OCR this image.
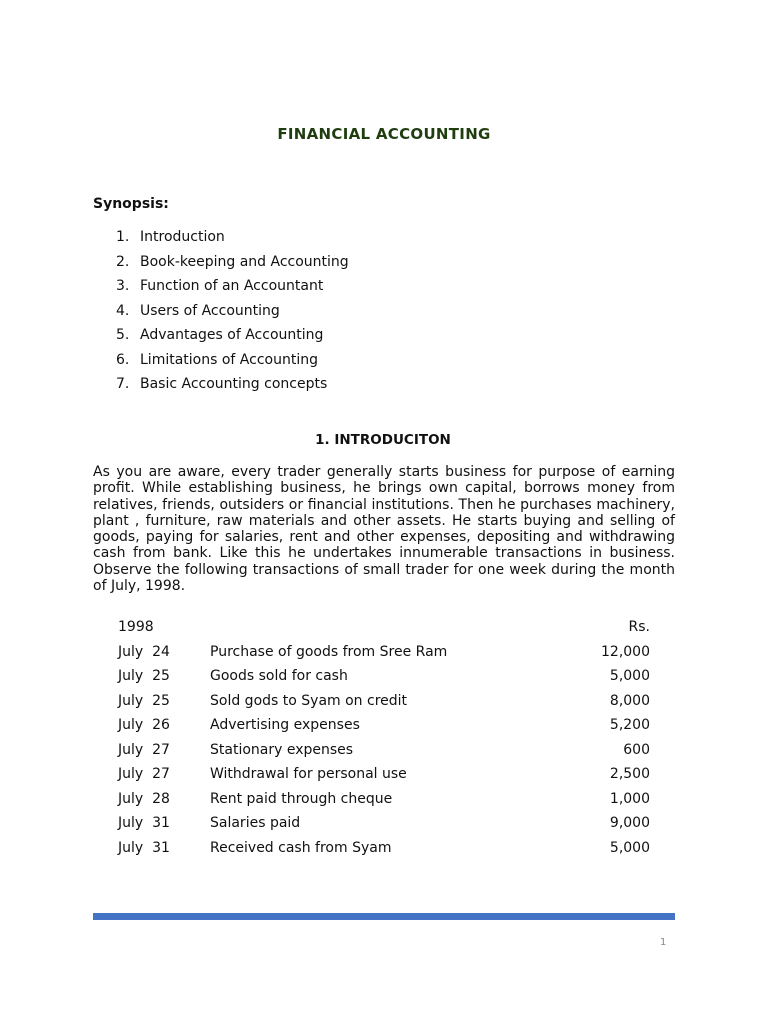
FINANCIAL ACCOUNTING
Synopsis:
1. Introduction
2. Book-keeping and Accounting
3. Function of an Accountant
4. Users of Accounting
5. Advantages of Accounting
6. Limitations of Accounting
7. Basic Accounting concepts
1. INTRODUCITON

As you are aware, every trader generally starts business for purpose of earning profit. While establishing business, he brings own capital, borrows money from relatives, friends, outsiders or financial institutions. Then he purchases machinery, plant , furniture, raw materials and other assets. He starts buying and selling of goods, paying for salaries, rent and other expenses, depositing and withdrawing cash from bank. Like this he undertakes innumerable transactions in business. Observe the following transactions of small trader for one week during the month of July, 1998.

1998	Rs.
July  24	Purchase of goods from Sree Ram	12,000
July  25	Goods sold for cash	5,000
July  25	Sold gods to Syam on credit	8,000
July  26	Advertising expenses	5,200
July  27	Stationary expenses	600
July  27	Withdrawal for personal use	2,500
July  28	Rent paid through cheque	1,000
July  31	Salaries paid	9,000
July  31	Received cash from Syam	5,000
1
